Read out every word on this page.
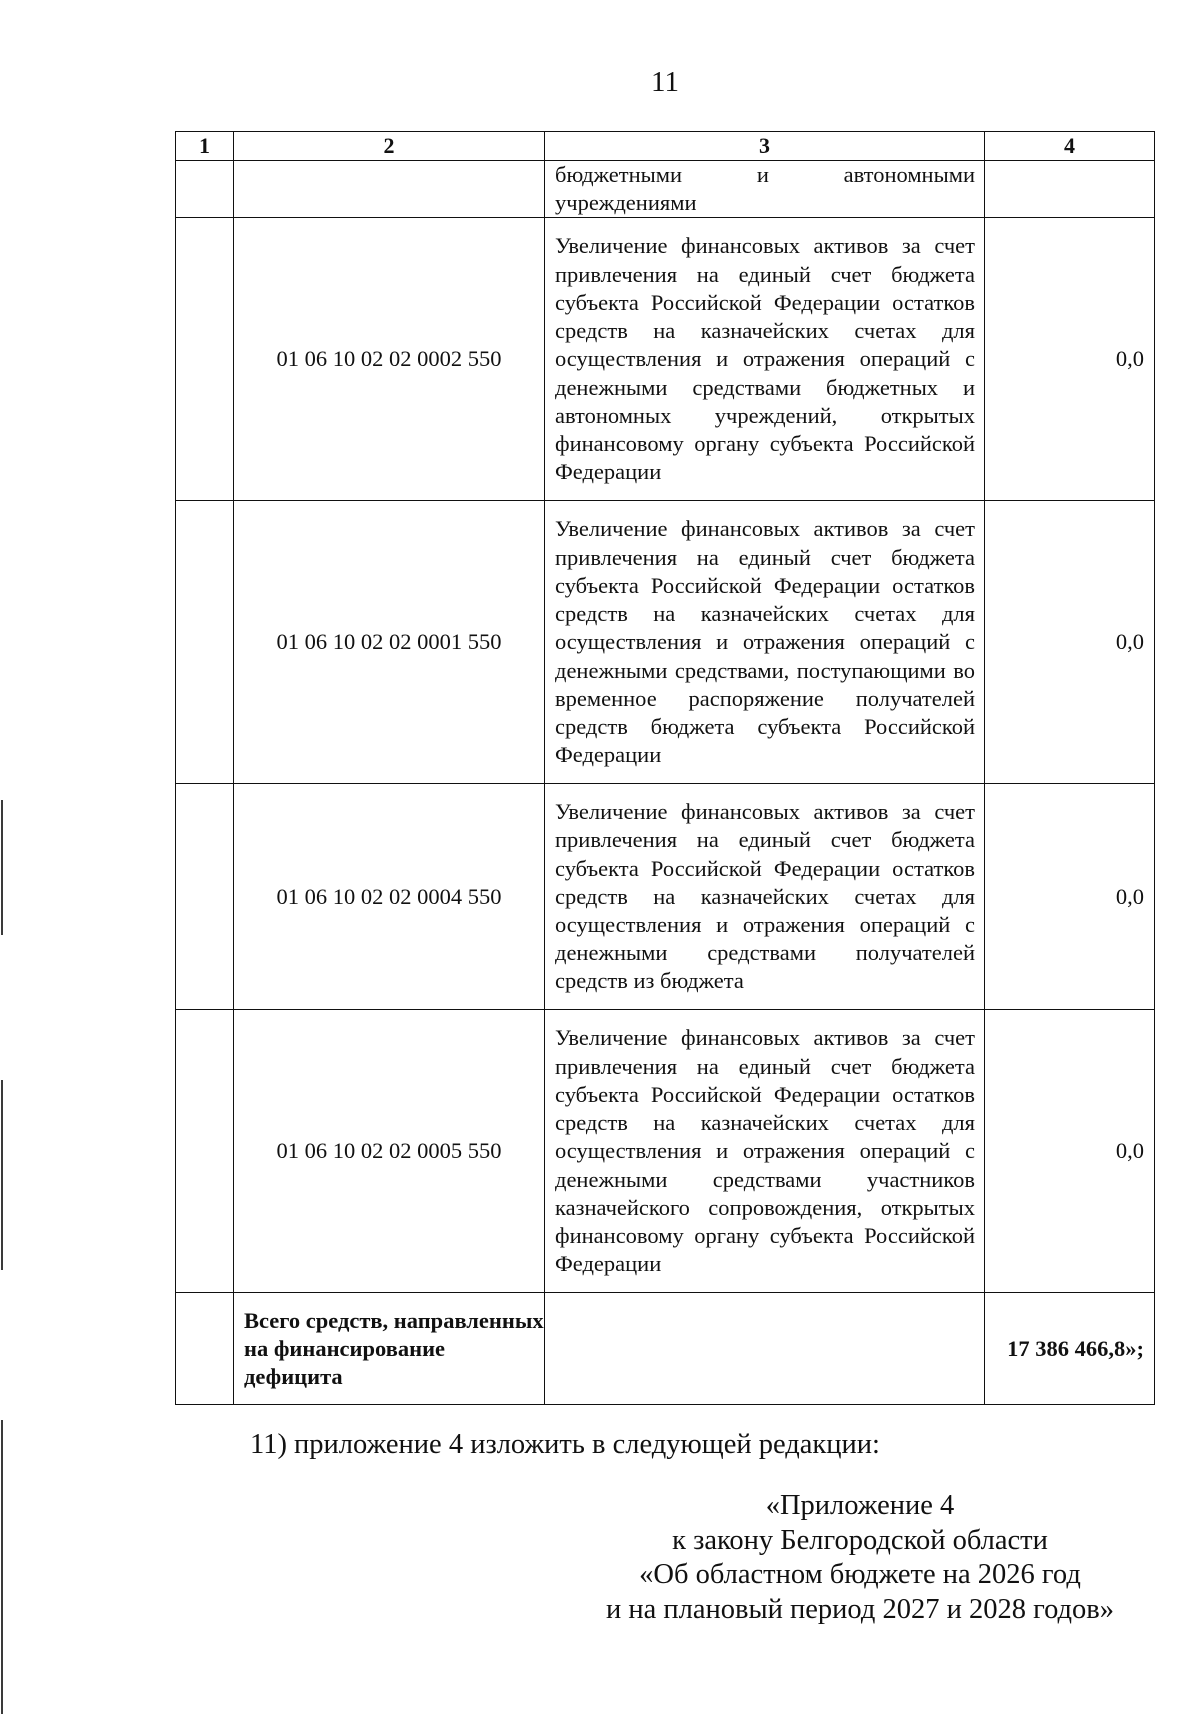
11
1	2	3	4
		бюджетными и автономными учреждениями	
	01 06 10 02 02 0002 550	Увеличение финансовых активов за счет привлечения на единый счет бюджета субъекта Российской Федерации остатков средств на казначейских счетах для осуществления и отражения операций с денежными средствами бюджетных и автономных учреждений, открытых финансовому органу субъекта Российской Федерации	0,0
	01 06 10 02 02 0001 550	Увеличение финансовых активов за счет привлечения на единый счет бюджета субъекта Российской Федерации остатков средств на казначейских счетах для осуществления и отражения операций с денежными средствами, поступающими во временное распоряжение получателей средств бюджета субъекта Российской Федерации	0,0
	01 06 10 02 02 0004 550	Увеличение финансовых активов за счет привлечения на единый счет бюджета субъекта Российской Федерации остатков средств на казначейских счетах для осуществления и отражения операций с денежными средствами получателей средств из бюджета	0,0
	01 06 10 02 02 0005 550	Увеличение финансовых активов за счет привлечения на единый счет бюджета субъекта Российской Федерации остатков средств на казначейских счетах для осуществления и отражения операций с денежными средствами участников казначейского сопровождения, открытых финансовому органу субъекта Российской Федерации	0,0
	Всего средств, направленных на финансирование дефицита		17 386 466,8»;
11) приложение 4 изложить в следующей редакции:
«Приложение 4
к закону Белгородской области
«Об областном бюджете на 2026 год
и на плановый период 2027 и 2028 годов»
